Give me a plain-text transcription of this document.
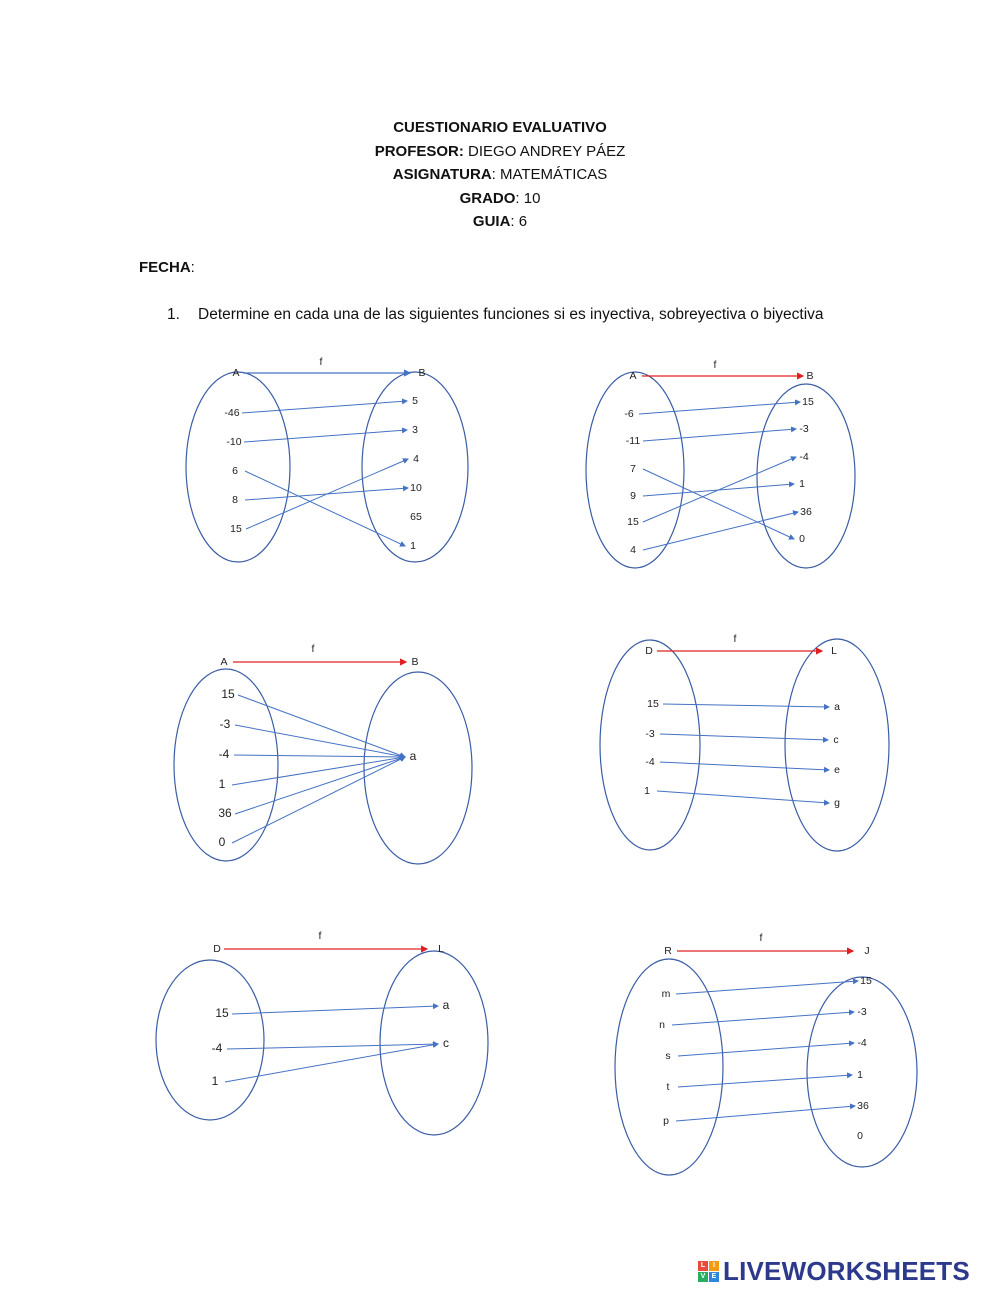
CUESTIONARIO EVALUATIVO
PROFESOR: DIEGO ANDREY PÁEZ
ASIGNATURA: MATEMÁTICAS
GRADO: 10
GUIA: 6
FECHA:
1. Determine en cada una de las siguientes funciones si es inyectiva, sobreyectiva o biyectiva
A	B
f
-46
-10
6
8
15
5
3
4
10
65
1
A	B
f
-6
-11
7
9
15
4
15
-3
-4
1
36
0
A	B
f
15
-3
-4
1
36
0
a
D	L
f
15
-3
-4
1
a
c
e
g
D	L
f
15
-4
1
a
c
R	J
f
m
n
s
t
p
15
-3
-4
1
36
0
L	I
V E LIVEWORKSHEETS
